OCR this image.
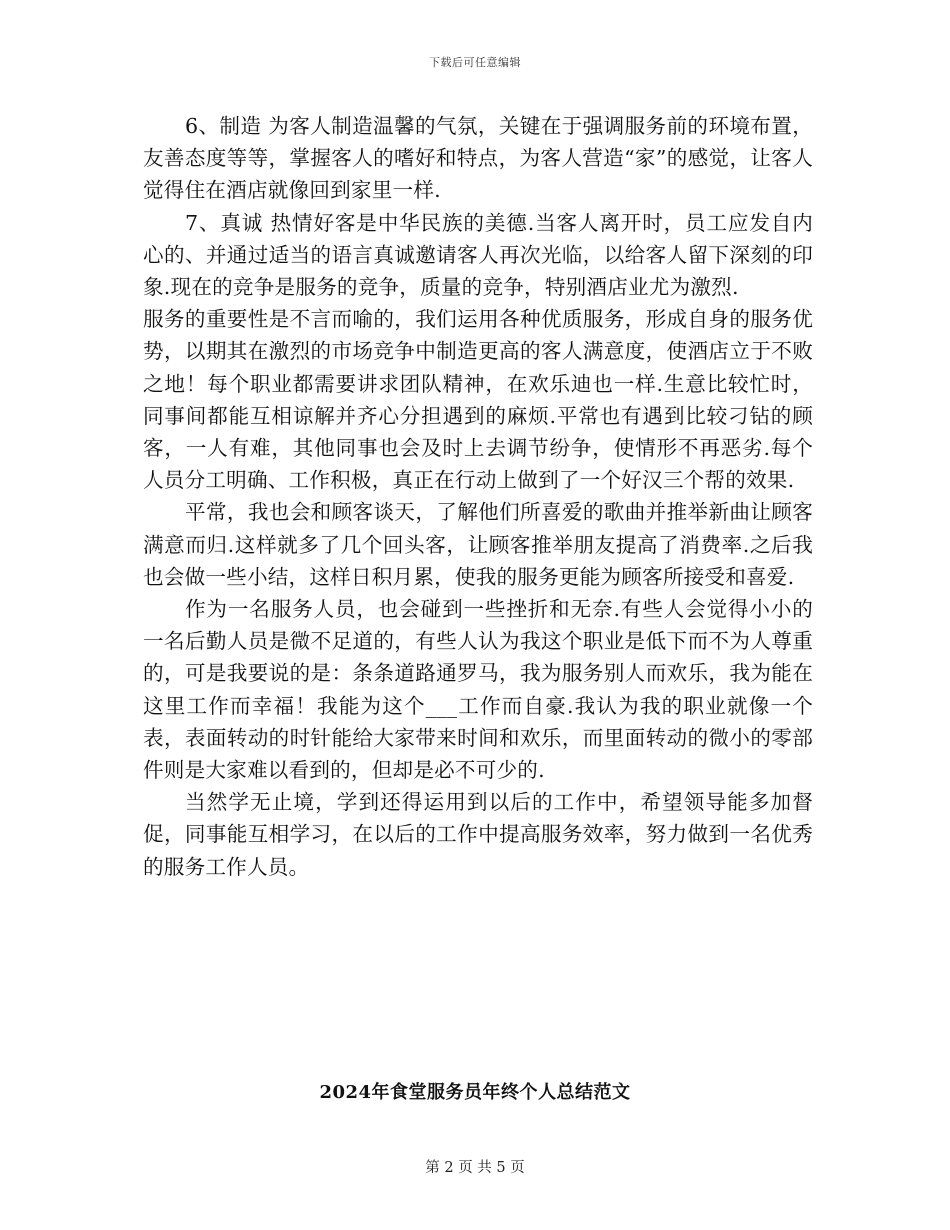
下载后可任意编辑

6、制造 为客人制造温馨的气氛，关键在于强调服务前的环境布置，友善态度等等，掌握客人的嗜好和特点，为客人营造“家”的感觉，让客人觉得住在酒店就像回到家里一样.

7、真诚 热情好客是中华民族的美德.当客人离开时，员工应发自内心的、并通过适当的语言真诚邀请客人再次光临，以给客人留下深刻的印象.现在的竞争是服务的竞争，质量的竞争，特别酒店业尤为激烈.

服务的重要性是不言而喻的，我们运用各种优质服务，形成自身的服务优势，以期其在激烈的市场竞争中制造更高的客人满意度，使酒店立于不败之地！每个职业都需要讲求团队精神，在欢乐迪也一样.生意比较忙时，同事间都能互相谅解并齐心分担遇到的麻烦.平常也有遇到比较刁钻的顾客，一人有难，其他同事也会及时上去调节纷争，使情形不再恶劣.每个人员分工明确、工作积极，真正在行动上做到了一个好汉三个帮的效果.

平常，我也会和顾客谈天，了解他们所喜爱的歌曲并推举新曲让顾客满意而归.这样就多了几个回头客，让顾客推举朋友提高了消费率.之后我也会做一些小结，这样日积月累，使我的服务更能为顾客所接受和喜爱.

作为一名服务人员，也会碰到一些挫折和无奈.有些人会觉得小小的一名后勤人员是微不足道的，有些人认为我这个职业是低下而不为人尊重的，可是我要说的是：条条道路通罗马，我为服务别人而欢乐，我为能在这里工作而幸福！我能为这个___工作而自豪.我认为我的职业就像一个表，表面转动的时针能给大家带来时间和欢乐，而里面转动的微小的零部件则是大家难以看到的，但却是必不可少的.

当然学无止境，学到还得运用到以后的工作中，希望领导能多加督促，同事能互相学习，在以后的工作中提高服务效率，努力做到一名优秀的服务工作人员。

2024年食堂服务员年终个人总结范文
第 2 页 共 5 页
